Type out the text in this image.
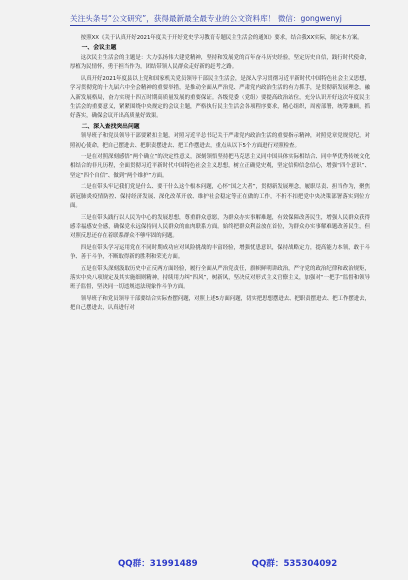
关注头条号“公文研究”，获得最新最全最专业的公文资料库！ 微信：gongwenyj

按照XX《关于认真开好2021年度关于开好党史学习教育专题民主生活会的通知》要求，结合我XX实际，制定本方案。

一、会议主题

这次民主生活会的主题是：大力弘扬伟大建党精神，坚持和发展党的百年奋斗历史经验，坚定历史自信，践行时代使命，厚植为民情怀，勇于担当作为，团结带领人民群众走好新的赶考之路。

认真开好2021年度县以上党和国家机关党员领导干部民主生活会，是深入学习贯彻习近平新时代中国特色社会主义思想，学习贯彻党的十九届六中全会精神的重要举措，是推动全面从严治党、严肃党内政治生活的有力抓手，是贯彻新发展理念，融入新发展格局，奋力实现十四五时期高质量发展的重要保证。各级党委（党组）要提高政治站位，充分认识开好这次年度民主生活会的重要意义，紧紧围绕中央规定的会议主题，严格执行民主生活会各项程序要求，精心组织，周密部署，统筹兼顾，抓好落实，确保会议开出高质量好效果。

二、深入查找突出问题

领导班子和党员领导干部要紧扣主题，对照习近平总书记关于严肃党内政治生活的重要指示精神，对照党章党规党纪，对照初心使命，把自己摆进去、把职责摆进去、把工作摆进去，重点从以下5个方面进行对照检查。

一是在对照深刻感悟“两个确立”的决定性意义，深刻领悟坚持把马克思主义同中国具体实际相结合、同中华优秀传统文化相结合的非凡历程，全面贯彻习近平新时代中国特色社会主义思想，树立正确党史观，坚定信仰信念信心，增强“四个意识”、坚定“四个自信”、做到“两个维护”方面。

二是在带头牢记我们党是什么、要干什么这个根本问题，心怀“国之大者”，贯彻新发展理念，履职尽责、担当作为，聚焦新冠肺炎疫情防控、保持经济发展、深化改革开放、维护社会稳定等正在做的工作，不折不扣把党中央决策部署落实到位方面。

三是在带头践行以人民为中心的发展思想，尊重群众意愿，为群众办实事解难题，有效保障改善民生，增强人民群众获得感幸福感安全感，确保党永远保持同人民群众的血肉联系方面。始终把群众利益放在首位，为群众办实事解难题改善民生，但对照反思还存在着联系群众不够牢固的问题。

四是在带头学习运用党在不同时期成功应对风险挑战的丰富经验，增强忧患意识，保持战略定力，提高能力本领，敢于斗争、善于斗争，不断取得新的胜利和荣光方面。

五是在带头深刻汲取历史中正反两方面经验，履行全面从严治党责任，旗帜鲜明讲政治，严守党的政治纪律和政治规矩，落实中央八项规定及其实施细则精神，持续用力纠“四风”，树新风，坚决反对形式主义官僚主义，加强对“一把手”监督和领导班子监督，坚决同一切违规违法现象作斗争方面。

领导班子和党员领导干部要结合实际查摆问题，对照上述5方面问题，切实把思想摆进去、把职责摆进去、把工作摆进去，把自己摆进去，认真进行对

QQ群：31991489	QQ群：535304092
